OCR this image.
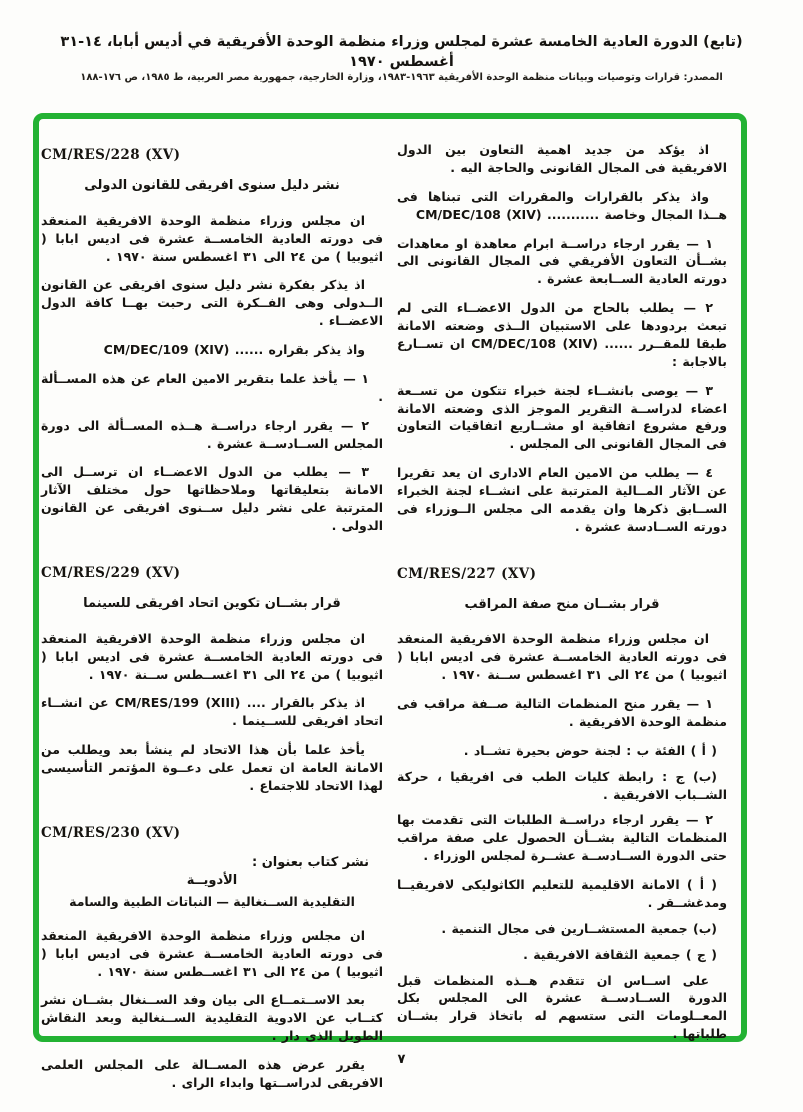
(تابع) الدورة العادية الخامسة عشرة لمجلس وزراء منظمة الوحدة الأفريقية في أديس أبابا، ١٤-٣١ أغسطس ١٩٧٠
المصدر: قرارات وتوصيات وبيانات منظمة الوحدة الأفريقية ١٩٦٣-١٩٨٣، وزارة الخارجية، جمهورية مصر العربية، ط ١٩٨٥، ص ١٧٦-١٨٨

اذ يؤكد من جديد اهمية التعاون بين الدول الافريقية فى المجال القانونى والحاجة اليه .

واذ يذكر بالقرارات والمقررات التى تبناها فى هــذا المجال وخاصة ........... ‎CM/DEC/108 (XIV)‎

١ — يقرر ارجاء دراســة ابرام معاهدة او معاهدات بشــأن التعاون الأفريقي فى المجال القانونى الى دورته العادية الســابعة عشرة .

٢ — يطلب بالحاح من الدول الاعضــاء التى لم تبعث بردودها على الاستبيان الــذى وضعته الامانة طبقا للمقــرر ...... ‎CM/DEC/108 (XIV)‎ ان تســارع بالاجابة :

٣ — يوصى بانشــاء لجنة خبراء تتكون من تســعة اعضاء لدراســة التقرير الموجز الذى وضعته الامانة ورفع مشروع اتفاقية او مشــاريع اتفاقيات التعاون فى المجال القانونى الى المجلس .

٤ — يطلب من الامين العام الادارى ان يعد تقريرا عن الآثار المــالية المترتبة على انشــاء لجنة الخبراء الســابق ذكرها وان يقدمه الى مجلس الــوزراء فى دورته الســادسة عشرة .

CM/RES/227 (XV)

قرار بشــان منح صفة المراقب

ان مجلس وزراء منظمة الوحدة الافريقية المنعقد فى دورته العادية الخامســة عشرة فى اديس ابابا ( اثيوبيا ) من ٢٤ الى ٣١ اغسطس ســنة ١٩٧٠ .

١ — يقرر منح المنظمات التالية صــفة مراقب فى منظمة الوحدة الافريقية .

( أ ) الفئة ب : لجنة حوض بحيرة تشــاد .

(ب) ج : رابطة كليات الطب فى افريقيا ، حركة الشــباب الافريقية .

٢ — يقرر ارجاء دراســة الطلبات التى تقدمت بها المنظمات التالية بشــأن الحصول على صفة مراقب حتى الدورة الســادســة عشــرة لمجلس الوزراء .

( أ ) الامانة الاقليمية للتعليم الكاثوليكى لافريقيــا ومدغشــقر .

(ب) جمعية المستشــارين فى مجال التنمية .

( ج ) جمعية الثقافة الافريقية .

على اســاس ان تتقدم هــذه المنظمات قبل الدورة الســادســة عشرة الى المجلس بكل المعــلومات التى ستسهم له باتخاذ قرار بشــان طلباتها .

CM/RES/228 (XV)

نشر دليل سنوى افريقى للقانون الدولى

ان مجلس وزراء منظمة الوحدة الافريقية المنعقد فى دورته العادية الخامســة عشرة فى اديس ابابا ( اثيوبيا ) من ٢٤ الى ٣١ اغسطس سنة ١٩٧٠ .

اذ يذكر بفكرة نشر دليل سنوى افريقى عن القانون الــدولى وهى الفــكرة التى رحبت بهــا كافة الدول الاعضــاء .

واذ يذكر بقراره ...... ‎CM/DEC/109 (XIV)‎

١ — يأخذ علما بتقرير الامين العام عن هذه المســألة .

٢ — يقرر ارجاء دراســة هــذه المســألة الى دورة المجلس الســادســة عشرة .

٣ — يطلب من الدول الاعضــاء ان ترســل الى الامانة بتعليقاتها وملاحظاتها حول مختلف الآثار المترتبة على نشر دليل ســنوى افريقى عن القانون الدولى .

CM/RES/229 (XV)

قرار بشــان تكوين اتحاد افريقى للسينما

ان مجلس وزراء منظمة الوحدة الافريقية المنعقد فى دورته العادية الخامســة عشرة فى اديس ابابا ( اثيوبيا ) من ٢٤ الى ٣١ اغســطس ســنة ١٩٧٠ .

اذ يذكر بالقرار .... ‎CM/RES/199 (XIII)‎ عن انشــاء اتحاد افريقى للســينما .

يأخذ علما بأن هذا الاتحاد لم ينشأ بعد ويطلب من الامانة العامة ان تعمل على دعــوة المؤتمر التأسيسى لهذا الاتحاد للاجتماع .

CM/RES/230 (XV)

نشر كتاب بعنوان :

الأدويــة

التقليدية الســنغالية — النباتات الطبية والسامة

ان مجلس وزراء منظمة الوحدة الافريقية المنعقد فى دورته العادية الخامســة عشرة فى اديس ابابا ( اثيوبيا ) من ٢٤ الى ٣١ اغســطس سنة ١٩٧٠ .

بعد الاســتمــاع الى بيان وفد الســنغال بشــان نشر كتــاب عن الادوية التقليدية الســنغالية وبعد النقاش الطويل الذى دار .

يقرر عرض هذه المســالة على المجلس العلمى الافريقى لدراســتها وابداء الراى .

٧
